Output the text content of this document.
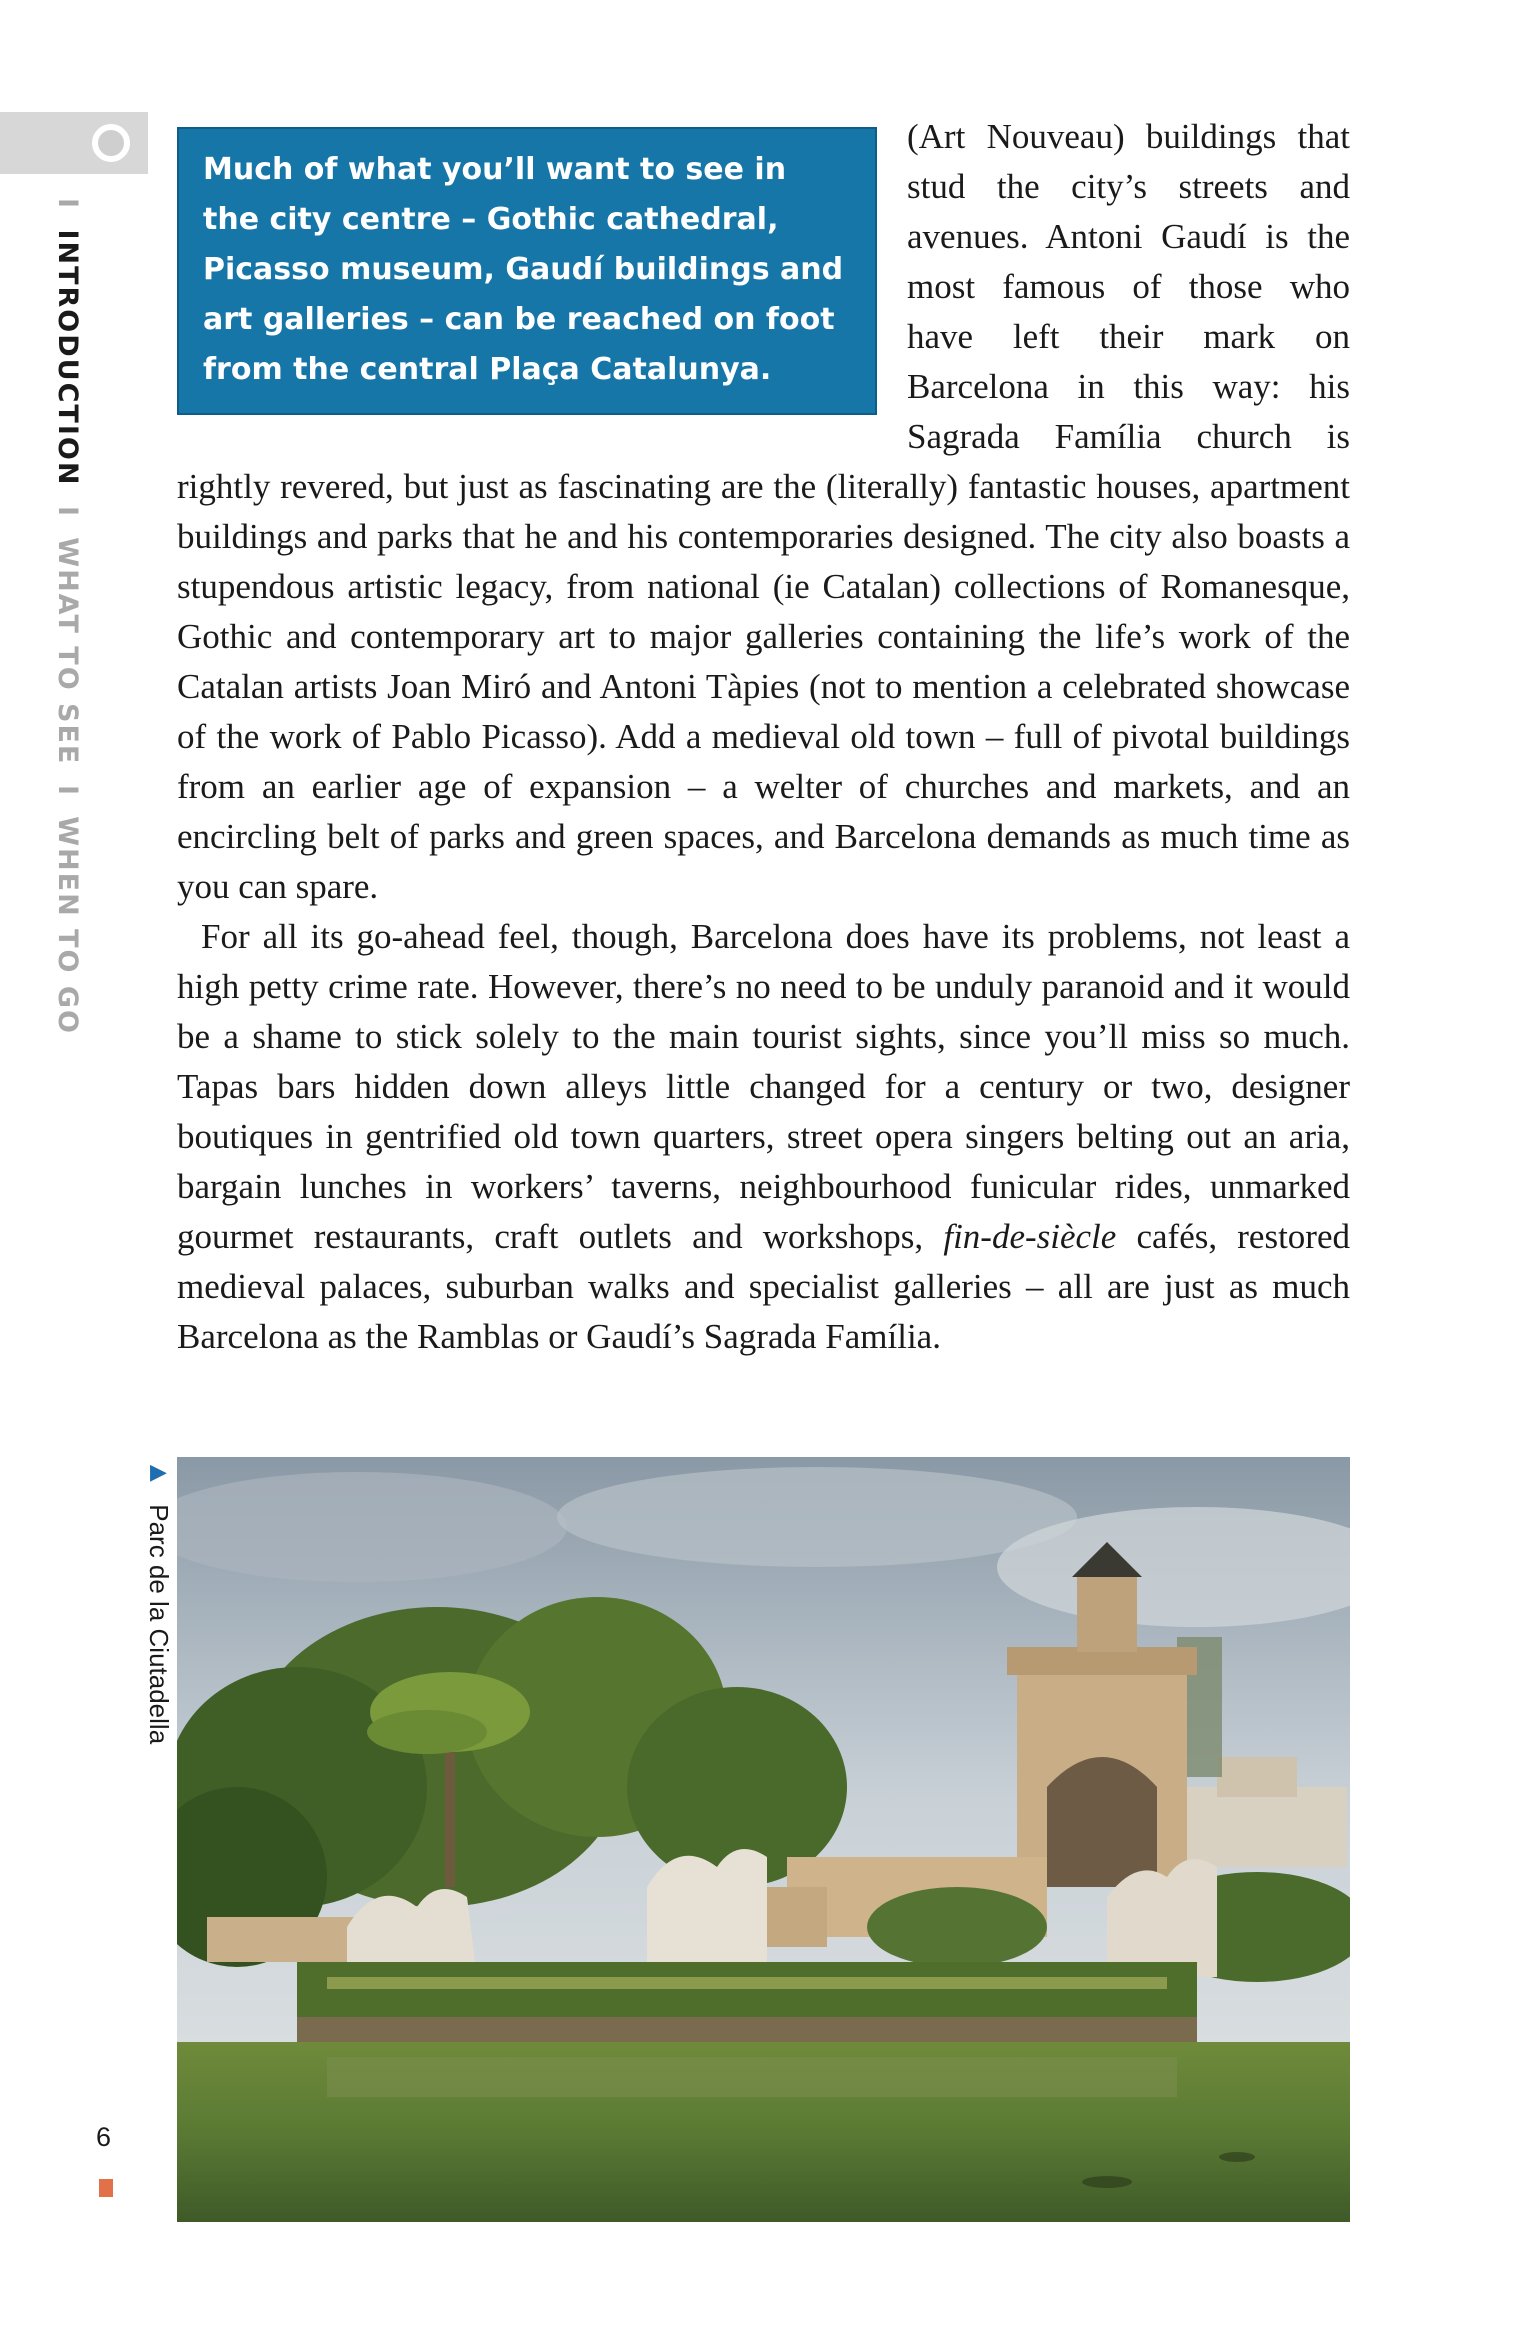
I INTRODUCTION I WHAT TO SEE I WHEN TO GO

Much of what you’ll want to see in the city centre – Gothic cathedral, Picasso museum, Gaudí buildings and art galleries – can be reached on foot from the central Plaça Catalunya.
(Art Nouveau) buildings that stud the city’s streets and avenues. Antoni Gaudí is the most famous of those who have left their mark on Barcelona in this way: his Sagrada Família church is rightly revered, but just as fascinating are the (literally) fantastic houses, apartment buildings and parks that he and his contemporaries designed. The city also boasts a stupendous artistic legacy, from national (ie Catalan) collections of Romanesque, Gothic and contemporary art to major galleries containing the life’s work of the Catalan artists Joan Miró and Antoni Tàpies (not to mention a celebrated showcase of the work of Pablo Picasso). Add a medieval old town – full of pivotal buildings from an earlier age of expansion – a welter of churches and markets, and an encircling belt of parks and green spaces, and Barcelona demands as much time as you can spare.

For all its go-ahead feel, though, Barcelona does have its problems, not least a high petty crime rate. However, there’s no need to be unduly paranoid and it would be a shame to stick solely to the main tourist sights, since you’ll miss so much. Tapas bars hidden down alleys little changed for a century or two, designer boutiques in gentrified old town quarters, street opera singers belting out an aria, bargain lunches in workers’ taverns, neighbourhood funicular rides, unmarked gourmet restaurants, craft outlets and workshops, fin-de-siècle cafés, restored medieval palaces, suburban walks and specialist galleries – all are just as much Barcelona as the Ramblas or Gaudí’s Sagrada Família.

▶ Parc de la Ciutadella
6
